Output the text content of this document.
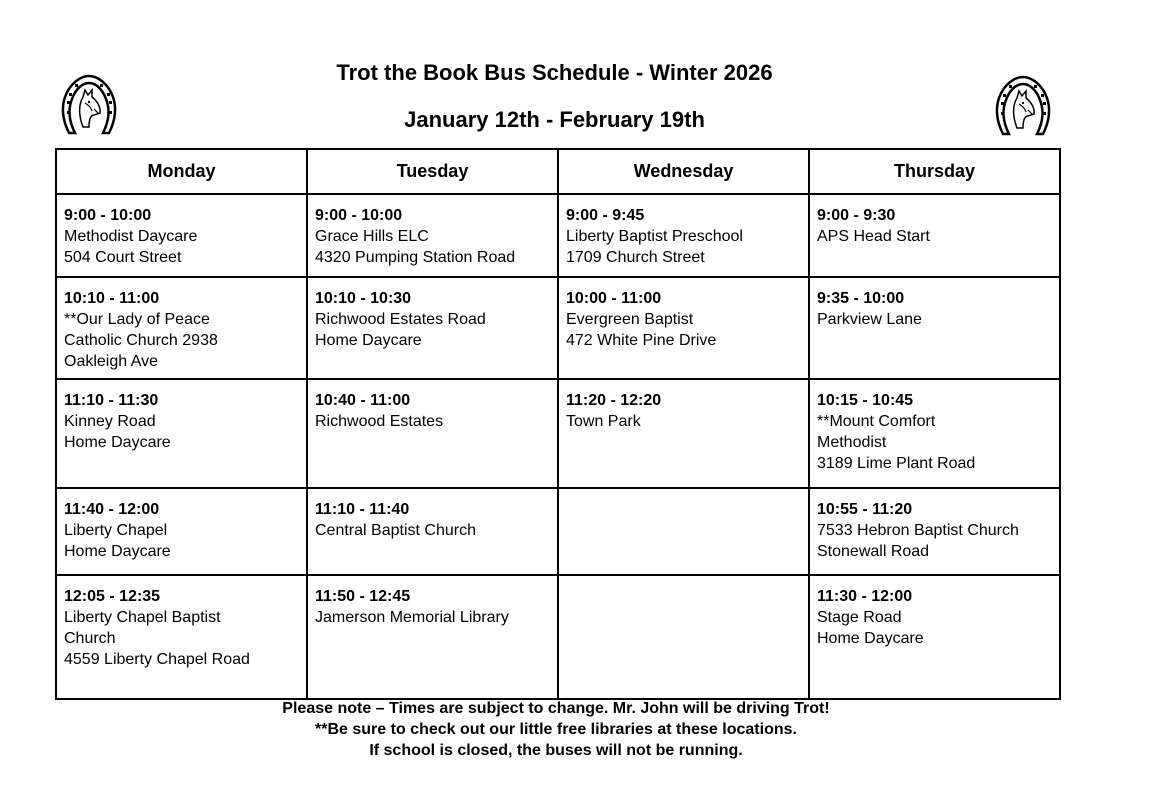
Trot the Book Bus Schedule - Winter 2026
January 12th - February 19th
Monday	Tuesday	Wednesday	Thursday

9:00 - 10:00
Methodist Daycare
504 Court Street	9:00 - 10:00
Grace Hills ELC
4320 Pumping Station Road	9:00 - 9:45
Liberty Baptist Preschool
1709 Church Street	9:00 - 9:30
APS Head Start

10:10 - 11:00
**Our Lady of Peace
Catholic Church 2938
Oakleigh Ave	10:10 - 10:30
Richwood Estates Road
Home Daycare	10:00 - 11:00
Evergreen Baptist
472 White Pine Drive	9:35 - 10:00
Parkview Lane

11:10 - 11:30
Kinney Road
Home Daycare	10:40 - 11:00
Richwood Estates	11:20 - 12:20
Town Park	10:15 - 10:45
**Mount Comfort
Methodist
3189 Lime Plant Road

11:40 - 12:00
Liberty Chapel
Home Daycare	11:10 - 11:40
Central Baptist Church		10:55 - 11:20
7533 Hebron Baptist Church
Stonewall Road

12:05 - 12:35
Liberty Chapel Baptist
Church
4559 Liberty Chapel Road	11:50 - 12:45
Jamerson Memorial Library		11:30 - 12:00
Stage Road
Home Daycare
Please note – Times are subject to change. Mr. John will be driving Trot!
**Be sure to check out our little free libraries at these locations.
If school is closed, the buses will not be running.
